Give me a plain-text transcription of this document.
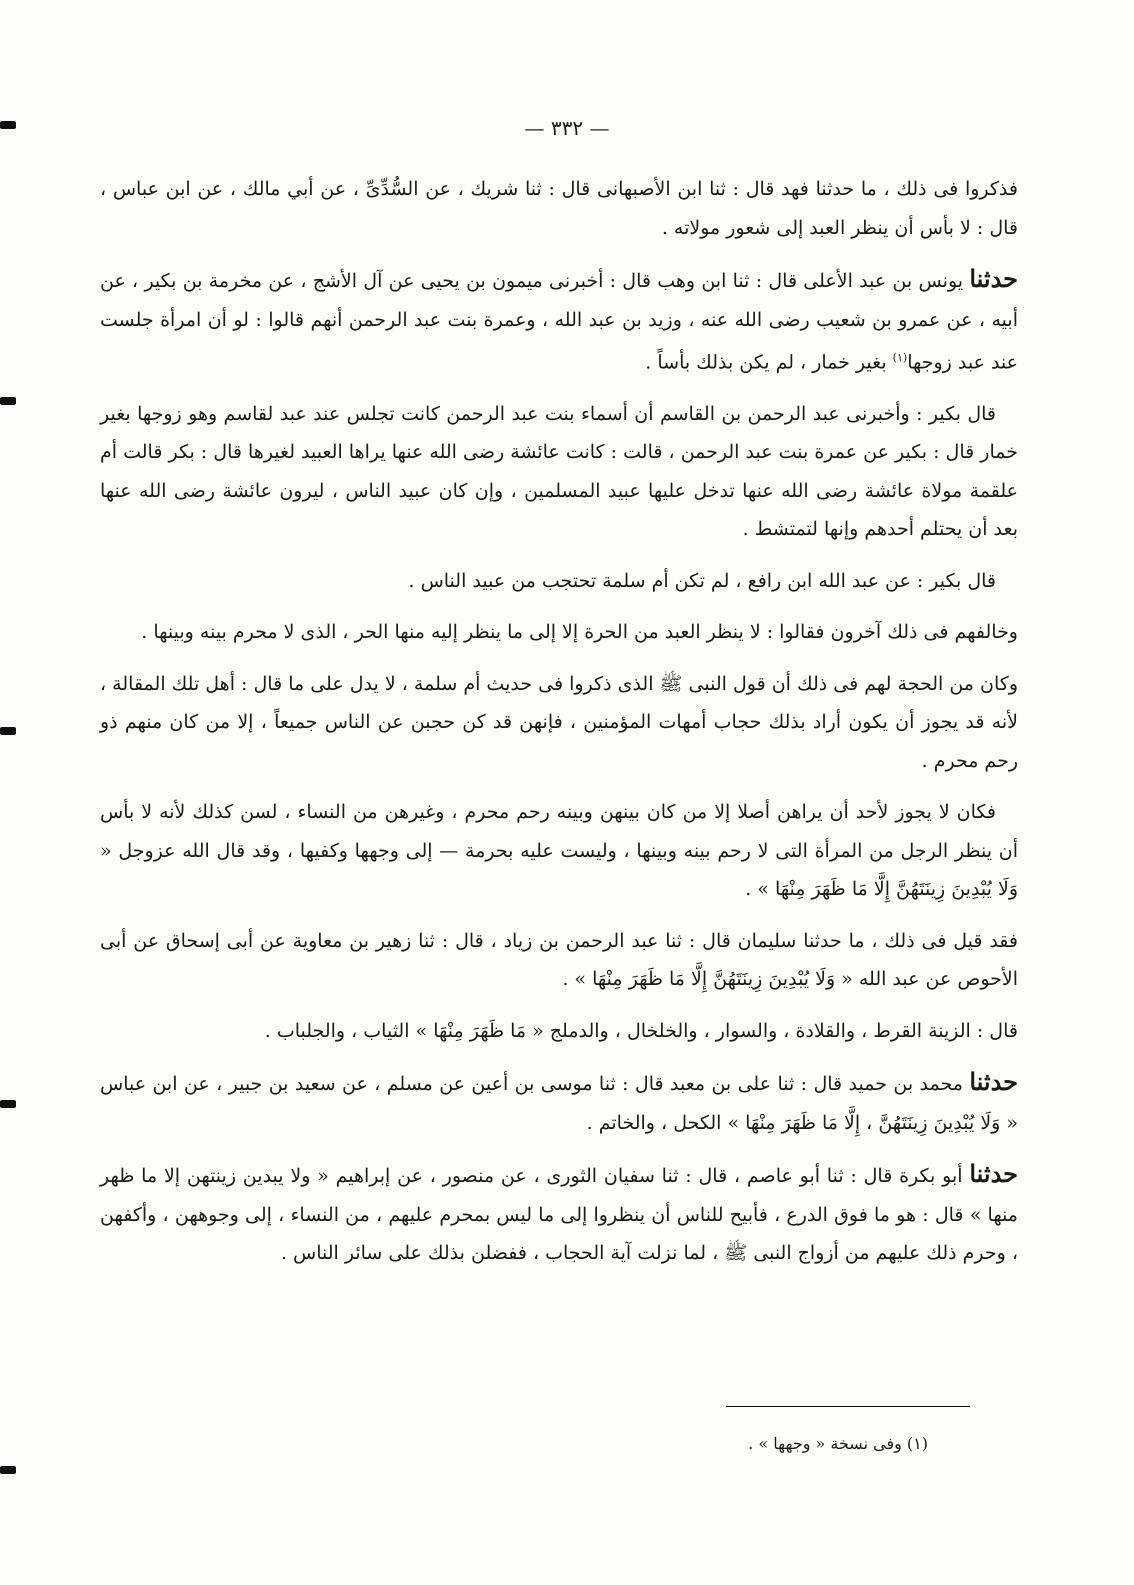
— ٣٣٢ —

فذكروا فى ذلك ، ما حدثنا فهد قال : ثنا ابن الأصبهانى قال : ثنا شريك ، عن السُّدِّىِّ ، عن أبي مالك ، عن ابن عباس ، قال : لا بأس أن ينظر العبد إلى شعور مولاته .

حدثنا يونس بن عبد الأعلى قال : ثنا ابن وهب قال : أخبرنى ميمون بن يحيى عن آل الأشج ، عن مخرمة بن بكير ، عن أبيه ، عن عمرو بن شعيب رضى الله عنه ، وزيد بن عبد الله ، وعمرة بنت عبد الرحمن أنهم قالوا : لو أن امرأة جلست عند عبد زوجها$^{(١)}$ بغير خمار ، لم يكن بذلك بأساً .

قال بكير : وأخبرنى عبد الرحمن بن القاسم أن أسماء بنت عبد الرحمن كانت تجلس عند عبد لقاسم وهو زوجها بغير خمار قال : بكير عن عمرة بنت عبد الرحمن ، قالت : كانت عائشة رضى الله عنها يراها العبيد لغيرها قال : بكر قالت أم علقمة مولاة عائشة رضى الله عنها تدخل عليها عبيد المسلمين ، وإن كان عبيد الناس ، ليرون عائشة رضى الله عنها بعد أن يحتلم أحدهم وإنها لتمتشط .

قال بكير : عن عبد الله ابن رافع ، لم تكن أم سلمة تحتجب من عبيد الناس .

وخالفهم فى ذلك آخرون فقالوا : لا ينظر العبد من الحرة إلا إلى ما ينظر إليه منها الحر ، الذى لا محرم بينه وبينها .

وكان من الحجة لهم فى ذلك أن قول النبى ﷺ الذى ذكروا فى حديث أم سلمة ، لا يدل على ما قال : أهل تلك المقالة ، لأنه قد يجوز أن يكون أراد بذلك حجاب أمهات المؤمنين ، فإنهن قد كن حجبن عن الناس جميعاً ، إلا من كان منهم ذو رحم محرم .

فكان لا يجوز لأحد أن يراهن أصلا إلا من كان بينهن وبينه رحم محرم ، وغيرهن من النساء ، لسن كذلك لأنه لا بأس أن ينظر الرجل من المرأة التى لا رحم بينه وبينها ، وليست عليه بحرمة — إلى وجهها وكفيها ، وقد قال الله عزوجل « وَلَا يُبْدِينَ زِينَتَهُنَّ إِلَّا مَا ظَهَرَ مِنْهَا » .

فقد قيل فى ذلك ، ما حدثنا سليمان قال : ثنا عبد الرحمن بن زياد ، قال : ثنا زهير بن معاوية عن أبى إسحاق عن أبى الأحوص عن عبد الله « وَلَا يُبْدِينَ زِينَتَهُنَّ إِلَّا مَا ظَهَرَ مِنْهَا » .

قال : الزينة القرط ، والقلادة ، والسوار ، والخلخال ، والدملج « مَا ظَهَرَ مِنْهَا » الثياب ، والجلباب .

حدثنا محمد بن حميد قال : ثنا على بن معبد قال : ثنا موسى بن أعين عن مسلم ، عن سعيد بن جبير ، عن ابن عباس « وَلَا يُبْدِينَ زِينَتَهُنَّ ، إِلَّا مَا ظَهَرَ مِنْهَا » الكحل ، والخاتم .

حدثنا أبو بكرة قال : ثنا أبو عاصم ، قال : ثنا سفيان الثورى ، عن منصور ، عن إبراهيم « ولا يبدين زينتهن إلا ما ظهر منها » قال : هو ما فوق الدرع ، فأبيح للناس أن ينظروا إلى ما ليس بمحرم عليهم ، من النساء ، إلى وجوههن ، وأكفهن ، وحرم ذلك عليهم من أزواج النبى ﷺ ، لما نزلت آية الحجاب ، ففضلن بذلك على سائر الناس .

(١) وفى نسخة « وجهها » .
